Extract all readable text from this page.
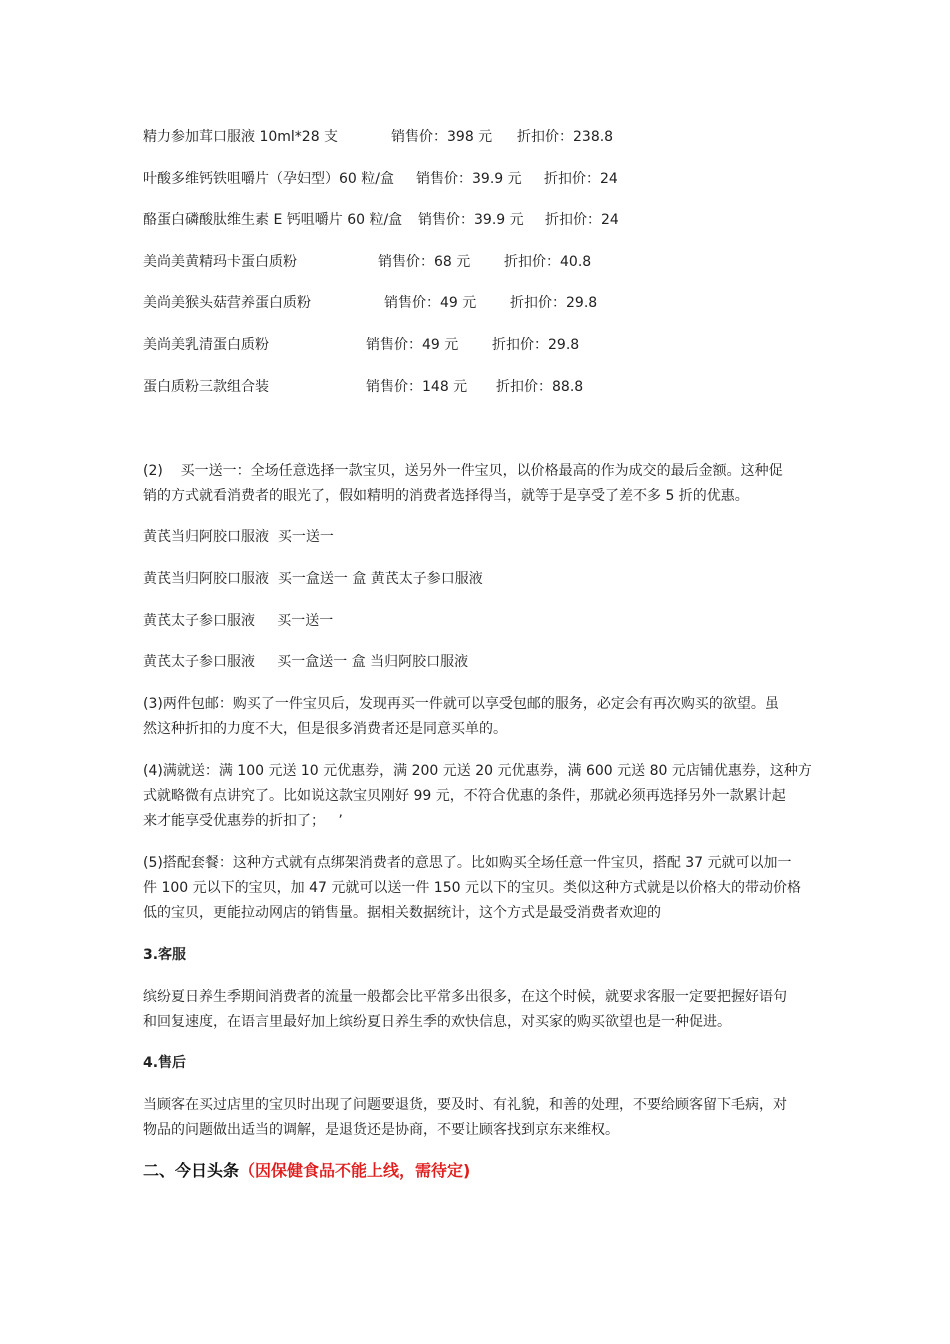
精力参加茸口服液 10ml*28 支	销售价：398 元 折扣价：238.8
叶酸多维钙铁咀嚼片（孕妇型）60 粒/盒 销售价：39.9 元 折扣价：24
酪蛋白磷酸肽维生素 E 钙咀嚼片 60 粒/盒 销售价：39.9 元 折扣价：24
美尚美黄精玛卡蛋白质粉	销售价：68 元 折扣价：40.8
美尚美猴头菇营养蛋白质粉	销售价：49 元 折扣价：29.8
美尚美乳清蛋白质粉	销售价：49 元 折扣价：29.8
蛋白质粉三款组合装	销售价：148 元 折扣价：88.8
(2)    买一送一：全场任意选择一款宝贝，送另外一件宝贝，以价格最高的作为成交的最后金额。这种促
销的方式就看消费者的眼光了，假如精明的消费者选择得当，就等于是享受了差不多 5 折的优惠。
黄芪当归阿胶口服液  买一送一
黄芪当归阿胶口服液  买一盒送一 盒 黄芪太子参口服液
黄芪太子参口服液     买一送一
黄芪太子参口服液     买一盒送一 盒 当归阿胶口服液
(3)两件包邮：购买了一件宝贝后，发现再买一件就可以享受包邮的服务，必定会有再次购买的欲望。虽
然这种折扣的力度不大，但是很多消费者还是同意买单的。
(4)满就送：满 100 元送 10 元优惠券，满 200 元送 20 元优惠券，满 600 元送 80 元店铺优惠券，这种方
式就略微有点讲究了。比如说这款宝贝刚好 99 元，不符合优惠的条件，那就必须再选择另外一款累计起
来才能享受优惠券的折扣了；   ’
(5)搭配套餐：这种方式就有点绑架消费者的意思了。比如购买全场任意一件宝贝，搭配 37 元就可以加一
件 100 元以下的宝贝，加 47 元就可以送一件 150 元以下的宝贝。类似这种方式就是以价格大的带动价格
低的宝贝，更能拉动网店的销售量。据相关数据统计，这个方式是最受消费者欢迎的
3.客服
缤纷夏日养生季期间消费者的流量一般都会比平常多出很多，在这个时候，就要求客服一定要把握好语句
和回复速度，在语言里最好加上缤纷夏日养生季的欢快信息，对买家的购买欲望也是一种促进。
4.售后
当顾客在买过店里的宝贝时出现了问题要退货，要及时、有礼貌，和善的处理，不要给顾客留下毛病，对
物品的问题做出适当的调解，是退货还是协商，不要让顾客找到京东来维权。
二、今日头条（因保健食品不能上线，需待定)
